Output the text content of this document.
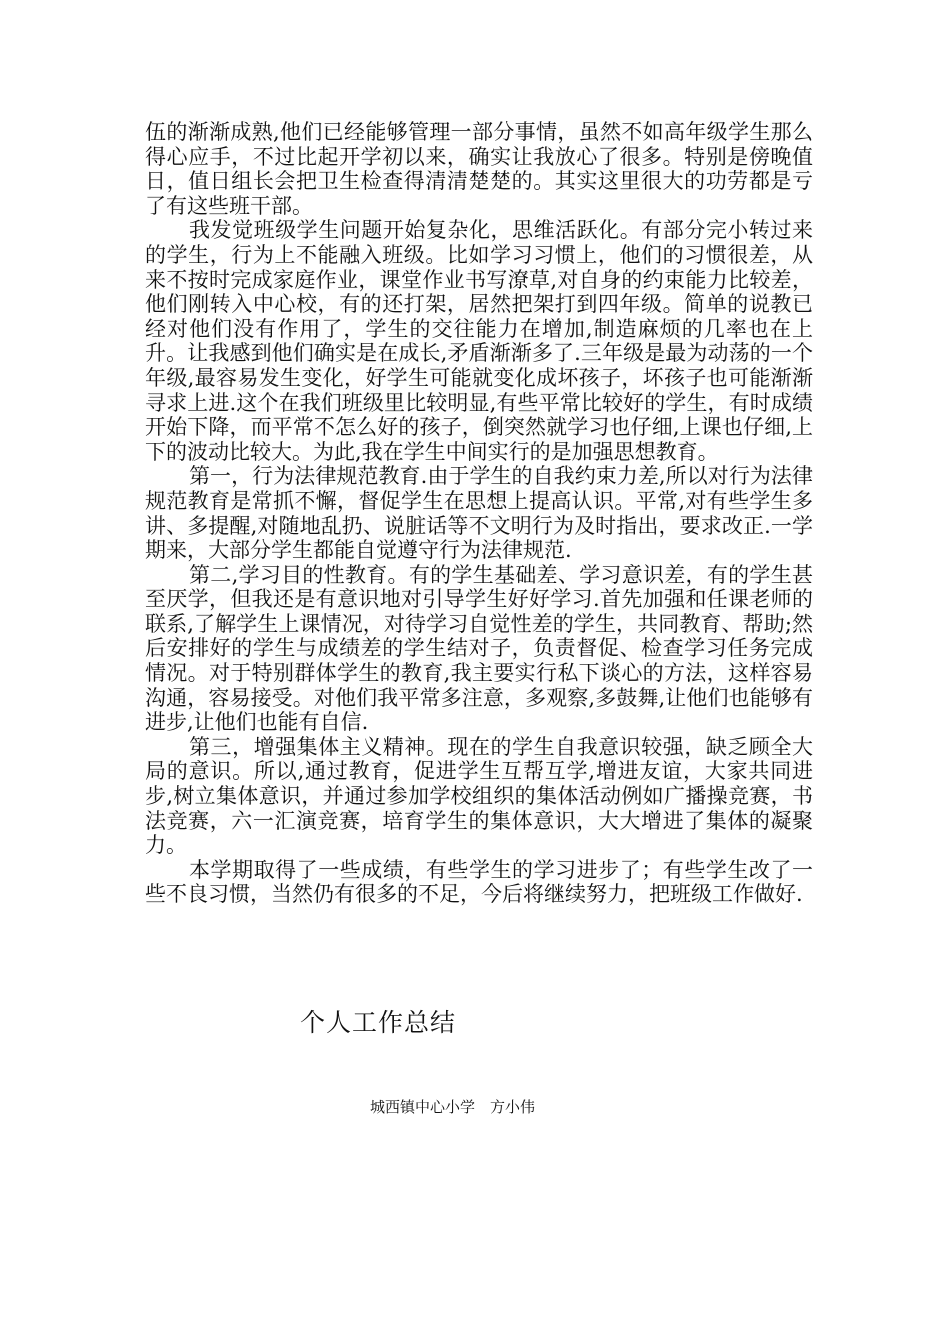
伍的渐渐成熟,他们已经能够管理一部分事情，虽然不如高年级学生那么得心应手，不过比起开学初以来，确实让我放心了很多。特别是傍晚值日，值日组长会把卫生检查得清清楚楚的。其实这里很大的功劳都是亏了有这些班干部。

我发觉班级学生问题开始复杂化，思维活跃化。有部分完小转过来的学生，行为上不能融入班级。比如学习习惯上，他们的习惯很差，从来不按时完成家庭作业，课堂作业书写潦草,对自身的约束能力比较差，他们刚转入中心校，有的还打架，居然把架打到四年级。简单的说教已经对他们没有作用了，学生的交往能力在增加,制造麻烦的几率也在上升。让我感到他们确实是在成长,矛盾渐渐多了.三年级是最为动荡的一个年级,最容易发生变化，好学生可能就变化成坏孩子，坏孩子也可能渐渐寻求上进.这个在我们班级里比较明显,有些平常比较好的学生，有时成绩开始下降，而平常不怎么好的孩子，倒突然就学习也仔细,上课也仔细,上下的波动比较大。为此,我在学生中间实行的是加强思想教育。

第一，行为法律规范教育.由于学生的自我约束力差,所以对行为法律规范教育是常抓不懈，督促学生在思想上提高认识。平常,对有些学生多讲、多提醒,对随地乱扔、说脏话等不文明行为及时指出，要求改正.一学期来，大部分学生都能自觉遵守行为法律规范.

第二,学习目的性教育。有的学生基础差、学习意识差，有的学生甚至厌学，但我还是有意识地对引导学生好好学习.首先加强和任课老师的联系,了解学生上课情况，对待学习自觉性差的学生，共同教育、帮助;然后安排好的学生与成绩差的学生结对子，负责督促、检查学习任务完成情况。对于特别群体学生的教育,我主要实行私下谈心的方法，这样容易沟通，容易接受。对他们我平常多注意，多观察,多鼓舞,让他们也能够有进步,让他们也能有自信.

第三，增强集体主义精神。现在的学生自我意识较强，缺乏顾全大局的意识。所以,通过教育，促进学生互帮互学,增进友谊，大家共同进步,树立集体意识，并通过参加学校组织的集体活动例如广播操竞赛，书法竞赛，六一汇演竞赛，培育学生的集体意识，大大增进了集体的凝聚力。

本学期取得了一些成绩，有些学生的学习进步了；有些学生改了一些不良习惯，当然仍有很多的不足，今后将继续努力，把班级工作做好.

个人工作总结
城西镇中心小学　方小伟
